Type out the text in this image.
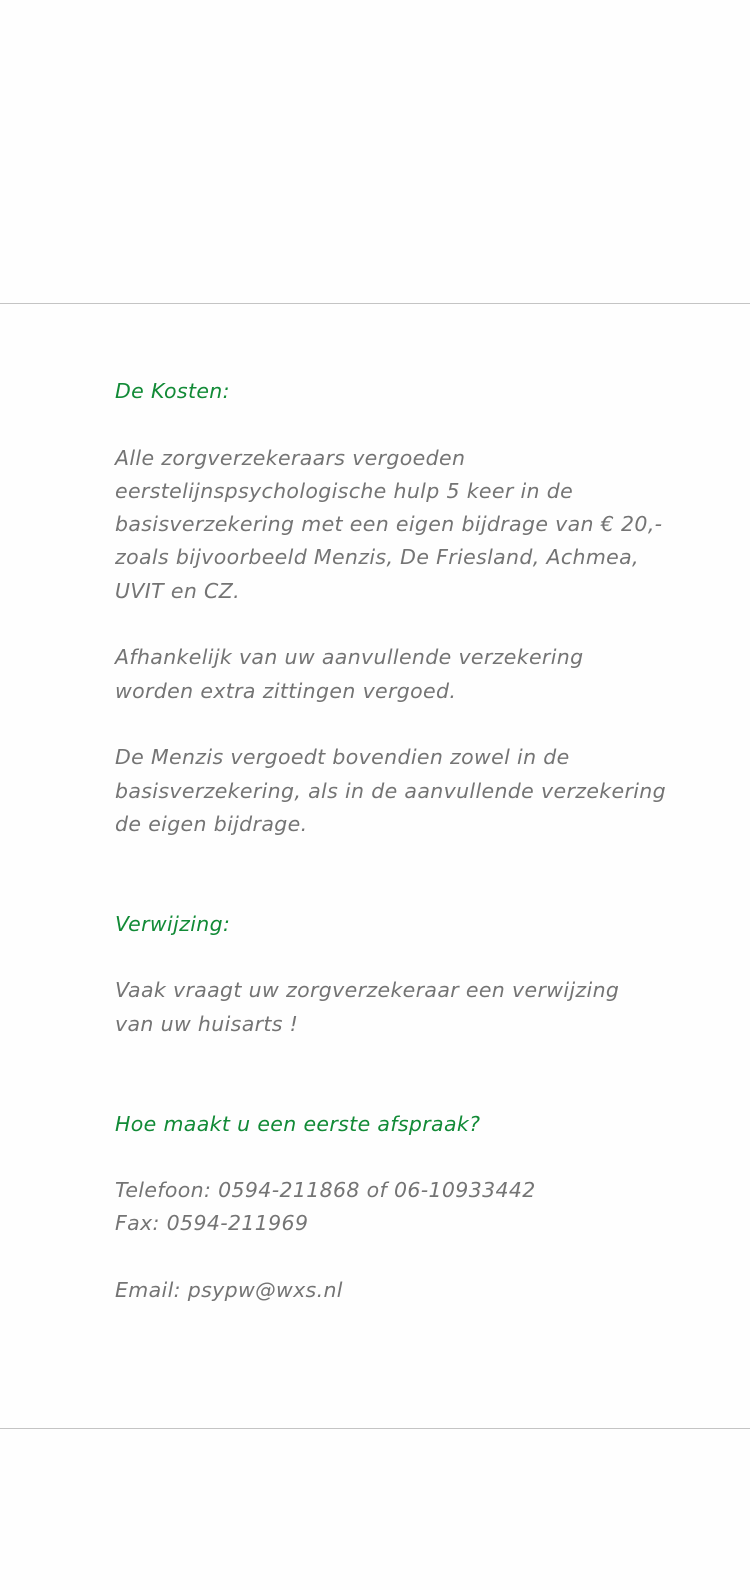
De Kosten:

Alle zorgverzekeraars vergoeden
eerstelijnspsychologische hulp 5 keer in de
basisverzekering met een eigen bijdrage van € 20,-
zoals bijvoorbeeld Menzis, De Friesland, Achmea,
UVIT en CZ.

Afhankelijk van uw aanvullende verzekering
worden extra zittingen vergoed.

De Menzis vergoedt bovendien zowel in de
basisverzekering, als in de aanvullende verzekering
de eigen bijdrage.

Verwijzing:

Vaak vraagt uw zorgverzekeraar een verwijzing
van uw huisarts !

Hoe maakt u een eerste afspraak?

Telefoon: 0594-211868 of 06-10933442
Fax: 0594-211969

Email: psypw@wxs.nl
